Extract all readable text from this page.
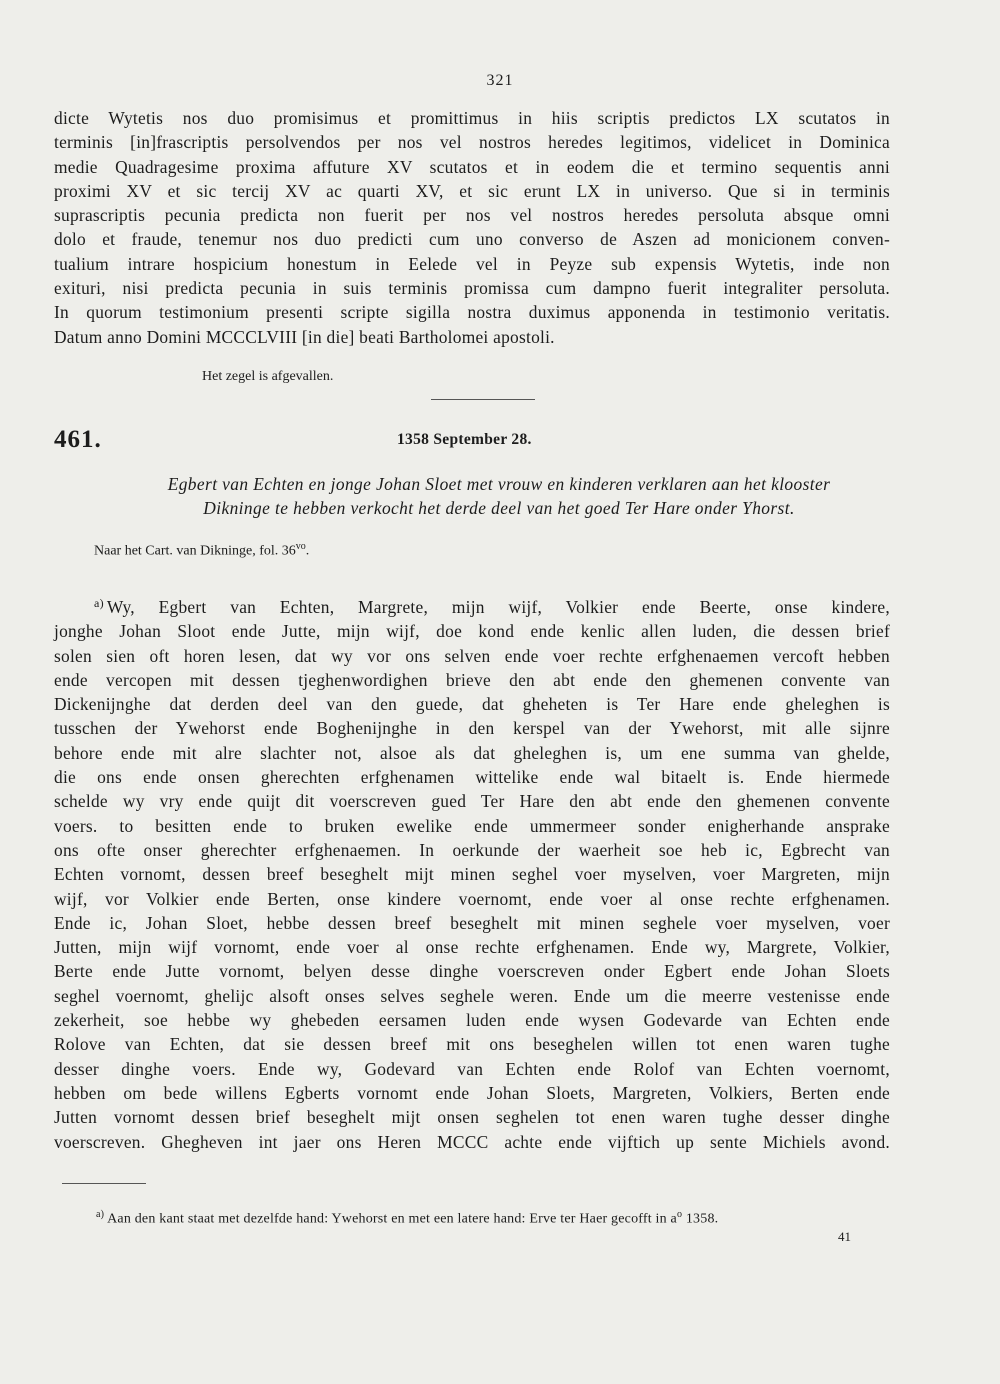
321
dicte Wytetis nos duo promisimus et promittimus in hiis scriptis predictos LX scutatos in
terminis [in]frascriptis persolvendos per nos vel nostros heredes legitimos, videlicet in Dominica
medie Quadragesime proxima affuture XV scutatos et in eodem die et termino sequentis anni
proximi XV et sic tercij XV ac quarti XV, et sic erunt LX in universo. Que si in terminis
suprascriptis pecunia predicta non fuerit per nos vel nostros heredes persoluta absque omni
dolo et fraude, tenemur nos duo predicti cum uno converso de Aszen ad monicionem conven-
tualium intrare hospicium honestum in Eelede vel in Peyze sub expensis Wytetis, inde non
exituri, nisi predicta pecunia in suis terminis promissa cum dampno fuerit integraliter persoluta.
In quorum testimonium presenti scripte sigilla nostra duximus apponenda in testimonio veritatis.
Datum anno Domini MCCCLVIII [in die] beati Bartholomei apostoli.
Het zegel is afgevallen.
461.	1358 September 28.
Egbert van Echten en jonge Johan Sloet met vrouw en kinderen verklaren aan het klooster
Dikninge te hebben verkocht het derde deel van het goed Ter Hare onder Yhorst.
Naar het Cart. van Dikninge, fol. $36^{vo}$.
$^{a)}$ Wy, Egbert van Echten, Margrete, mijn wijf, Volkier ende Beerte, onse kindere,
jonghe Johan Sloot ende Jutte, mijn wijf, doe kond ende kenlic allen luden, die dessen brief
solen sien oft horen lesen, dat wy vor ons selven ende voer rechte erfghenaemen vercoft hebben
ende vercopen mit dessen tjeghenwordighen brieve den abt ende den ghemenen convente van
Dickenijnghe dat derden deel van den guede, dat gheheten is Ter Hare ende gheleghen is
tusschen der Ywehorst ende Boghenijnghe in den kerspel van der Ywehorst, mit alle sijnre
behore ende mit alre slachter not, alsoe als dat gheleghen is, um ene summa van ghelde,
die ons ende onsen gherechten erfghenamen wittelike ende wal bitaelt is. Ende hiermede
schelde wy vry ende quijt dit voerscreven gued Ter Hare den abt ende den ghemenen convente
voers. to besitten ende to bruken ewelike ende ummermeer sonder enigherhande ansprake
ons ofte onser gherechter erfghenaemen. In oerkunde der waerheit soe heb ic, Egbrecht van
Echten vornomt, dessen breef beseghelt mijt minen seghel voer myselven, voer Margreten, mijn
wijf, vor Volkier ende Berten, onse kindere voernomt, ende voer al onse rechte erfghenamen.
Ende ic, Johan Sloet, hebbe dessen breef beseghelt mit minen seghele voer myselven, voer
Jutten, mijn wijf vornomt, ende voer al onse rechte erfghenamen. Ende wy, Margrete, Volkier,
Berte ende Jutte vornomt, belyen desse dinghe voerscreven onder Egbert ende Johan Sloets
seghel voernomt, ghelijc alsoft onses selves seghele weren. Ende um die meerre vestenisse ende
zekerheit, soe hebbe wy ghebeden eersamen luden ende wysen Godevarde van Echten ende
Rolove van Echten, dat sie dessen breef mit ons beseghelen willen tot enen waren tughe
desser dinghe voers. Ende wy, Godevard van Echten ende Rolof van Echten voernomt,
hebben om bede willens Egberts vornomt ende Johan Sloets, Margreten, Volkiers, Berten ende
Jutten vornomt dessen brief beseghelt mijt onsen seghelen tot enen waren tughe desser dinghe
voerscreven. Ghegheven int jaer ons Heren MCCC achte ende vijftich up sente Michiels avond.
$^{a)}$ Aan den kant staat met dezelfde hand: Ywehorst en met een latere hand: Erve ter Haer gecofft in $a^o$ 1358.
41
